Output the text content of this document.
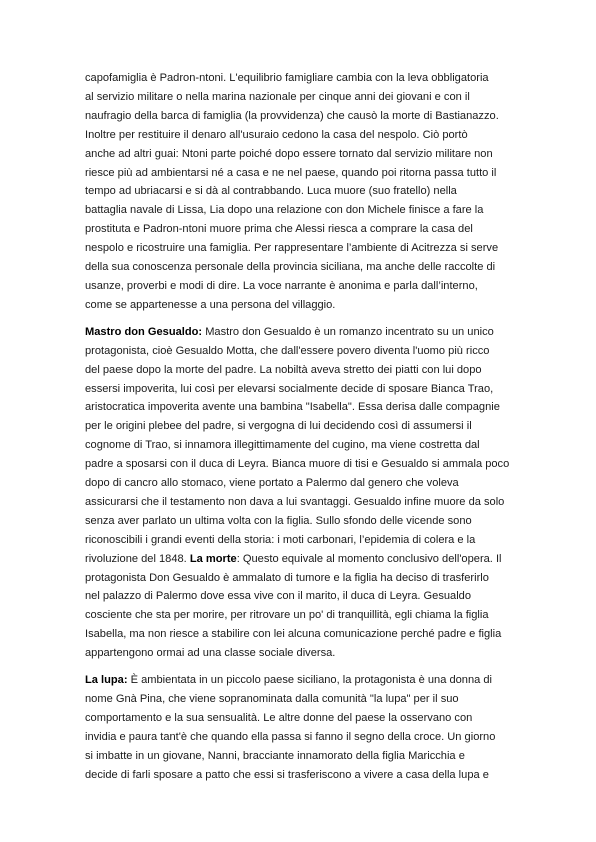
capofamiglia è Padron-ntoni. L'equilibrio famigliare cambia con la leva obbligatoria
al servizio militare o nella marina nazionale per cinque anni dei giovani e con il
naufragio della barca di famiglia (la provvidenza) che causò la morte di Bastianazzo.
Inoltre per restituire il denaro all'usuraio cedono la casa del nespolo. Ciò portò
anche ad altri guai: Ntoni parte poiché dopo essere tornato dal servizio militare non
riesce più ad ambientarsi né a casa e ne nel paese, quando poi ritorna passa tutto il
tempo ad ubriacarsi e si dà al contrabbando. Luca muore (suo fratello) nella
battaglia navale di Lissa, Lia dopo una relazione con don Michele finisce a fare la
prostituta e Padron-ntoni muore prima che Alessi riesca a comprare la casa del
nespolo e ricostruire una famiglia. Per rappresentare l’ambiente di Acitrezza si serve
della sua conoscenza personale della provincia siciliana, ma anche delle raccolte di
usanze, proverbi e modi di dire. La voce narrante è anonima e parla dall’interno,
come se appartenesse a una persona del villaggio.
Mastro don Gesualdo: Mastro don Gesualdo è un romanzo incentrato su un unico
protagonista, cioè Gesualdo Motta, che dall'essere povero diventa l'uomo più ricco
del paese dopo la morte del padre. La nobiltà aveva stretto dei piatti con lui dopo
essersi impoverita, lui così per elevarsi socialmente decide di sposare Bianca Trao,
aristocratica impoverita avente una bambina "Isabella". Essa derisa dalle compagnie
per le origini plebee del padre, si vergogna di lui decidendo così di assumersi il
cognome di Trao, si innamora illegittimamente del cugino, ma viene costretta dal
padre a sposarsi con il duca di Leyra. Bianca muore di tisi e Gesualdo si ammala poco
dopo di cancro allo stomaco, viene portato a Palermo dal genero che voleva
assicurarsi che il testamento non dava a lui svantaggi. Gesualdo infine muore da solo
senza aver parlato un ultima volta con la figlia. Sullo sfondo delle vicende sono
riconoscibili i grandi eventi della storia: i moti carbonari, l’epidemia di colera e la
rivoluzione del 1848. La morte: Questo equivale al momento conclusivo dell'opera. Il
protagonista Don Gesualdo è ammalato di tumore e la figlia ha deciso di trasferirlo
nel palazzo di Palermo dove essa vive con il marito, il duca di Leyra. Gesualdo
cosciente che sta per morire, per ritrovare un po' di tranquillità, egli chiama la figlia
Isabella, ma non riesce a stabilire con lei alcuna comunicazione perché padre e figlia
appartengono ormai ad una classe sociale diversa.
La lupa: È ambientata in un piccolo paese siciliano, la protagonista è una donna di
nome Gnà Pina, che viene sopranominata dalla comunità "la lupa" per il suo
comportamento e la sua sensualità. Le altre donne del paese la osservano con
invidia e paura tant'è che quando ella passa si fanno il segno della croce. Un giorno
si imbatte in un giovane, Nanni, bracciante innamorato della figlia Maricchia e
decide di farli sposare a patto che essi si trasferiscono a vivere a casa della lupa e
